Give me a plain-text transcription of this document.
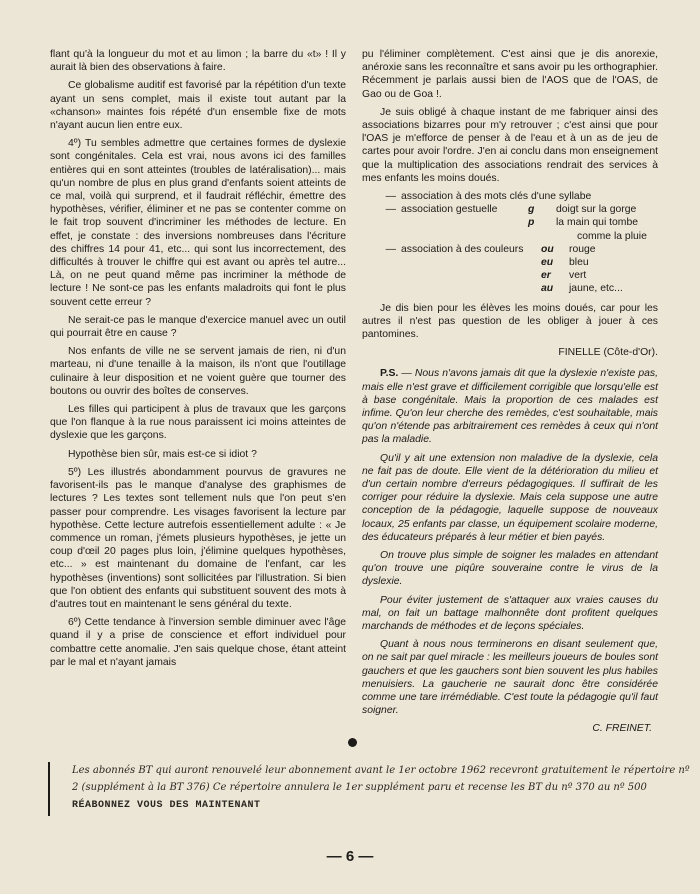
flant qu'à la longueur du mot et au limon ; la barre du «t» ! Il y aurait là bien des observations à faire.

Ce globalisme auditif est favorisé par la répétition d'un texte ayant un sens complet, mais il existe tout autant par la «chanson» maintes fois répété d'un ensemble fixe de mots n'ayant aucun lien entre eux.

4º) Tu sembles admettre que certaines formes de dyslexie sont congénitales. Cela est vrai, nous avons ici des familles entières qui en sont atteintes (troubles de latéralisation)... mais qu'un nombre de plus en plus grand d'enfants soient atteints de ce mal, voilà qui surprend, et il faudrait réfléchir, émettre des hypothèses, vérifier, éliminer et ne pas se contenter comme on le fait trop souvent d'incriminer les méthodes de lecture. En effet, je constate : des inversions nombreuses dans l'écriture des chiffres 14 pour 41, etc... qui sont lus incorrectement, des difficultés à trouver le chiffre qui est avant ou après tel autre... Là, on ne peut quand même pas incriminer la méthode de lecture ! Ne sont-ce pas les enfants maladroits qui font le plus souvent cette erreur ?

Ne serait-ce pas le manque d'exercice manuel avec un outil qui pourrait être en cause ?

Nos enfants de ville ne se servent jamais de rien, ni d'un marteau, ni d'une tenaille à la maison, ils n'ont que l'outillage culinaire à leur disposition et ne voient guère que tourner des boutons ou ouvrir des boîtes de conserves.

Les filles qui participent à plus de travaux que les garçons que l'on flanque à la rue nous paraissent ici moins atteintes de dyslexie que les garçons.

Hypothèse bien sûr, mais est-ce si idiot ?

5º) Les illustrés abondamment pourvus de gravures ne favorisent-ils pas le manque d'analyse des graphismes de lectures ? Les textes sont tellement nuls que l'on peut s'en passer pour comprendre. Les visages favorisent la lecture par hypothèse. Cette lecture autrefois essentiellement adulte : « Je commence un roman, j'émets plusieurs hypothèses, je jette un coup d'œil 20 pages plus loin, j'élimine quelques hypothèses, etc... » est maintenant du domaine de l'enfant, car les hypothèses (inventions) sont sollicitées par l'illustration. Si bien que l'on obtient des enfants qui substituent souvent des mots à d'autres tout en maintenant le sens général du texte.

6º) Cette tendance à l'inversion semble diminuer avec l'âge quand il y a prise de conscience et effort individuel pour combattre cette anomalie. J'en sais quelque chose, étant atteint par le mal et n'ayant jamais

pu l'éliminer complètement. C'est ainsi que je dis anorexie, anéroxie sans les reconnaître et sans avoir pu les orthographier. Récemment je parlais aussi bien de l'AOS que de l'OAS, de Gao ou de Goa !.

Je suis obligé à chaque instant de me fabriquer ainsi des associations bizarres pour m'y retrouver ; c'est ainsi que pour l'OAS je m'efforce de penser à de l'eau et à un as de jeu de cartes pour avoir l'ordre. J'en ai conclu dans mon enseignement que la multiplication des associations rendrait des services à mes enfants les moins doués.

— association à des mots clés d'une syllabe
— association gestuelle	g	doigt sur la gorge
p	la main qui tombe
comme la pluie
— association à des couleurs	ou	rouge
eu	bleu
er	vert
au	jaune, etc...

Je dis bien pour les élèves les moins doués, car pour les autres il n'est pas question de les obliger à jouer à ces pantomines.

FINELLE (Côte-d'Or).

P.S. — Nous n'avons jamais dit que la dyslexie n'existe pas, mais elle n'est grave et difficilement corrigible que lorsqu'elle est à base congénitale. Mais la proportion de ces malades est infime. Qu'on leur cherche des remèdes, c'est souhaitable, mais qu'on n'étende pas arbitrairement ces remèdes à ceux qui n'ont pas la maladie.

Qu'il y ait une extension non maladive de la dyslexie, cela ne fait pas de doute. Elle vient de la détérioration du milieu et d'un certain nombre d'erreurs pédagogiques. Il suffirait de les corriger pour réduire la dyslexie. Mais cela suppose une autre conception de la pédagogie, laquelle suppose de nouveaux locaux, 25 enfants par classe, un équipement scolaire moderne, des éducateurs préparés à leur métier et bien payés.

On trouve plus simple de soigner les malades en attendant qu'on trouve une piqûre souveraine contre le virus de la dyslexie.

Pour éviter justement de s'attaquer aux vraies causes du mal, on fait un battage malhonnête dont profitent quelques marchands de méthodes et de leçons spéciales.

Quant à nous nous terminerons en disant seulement que, on ne sait par quel miracle : les meilleurs joueurs de boules sont gauchers et que les gauchers sont bien souvent les plus habiles menuisiers. La gaucherie ne saurait donc être considérée comme une tare irrémédiable. C'est toute la pédagogie qu'il faut soigner.

C. FREINET.
Les abonnés BT qui auront renouvelé leur abonnement avant le 1er octobre 1962 recevront gratuitement le répertoire nº 2 (supplément à la BT 376) Ce répertoire annulera le 1er supplément paru et recense les BT du nº 370 au nº 500 RÉABONNEZ VOUS DES MAINTENANT
— 6 —
